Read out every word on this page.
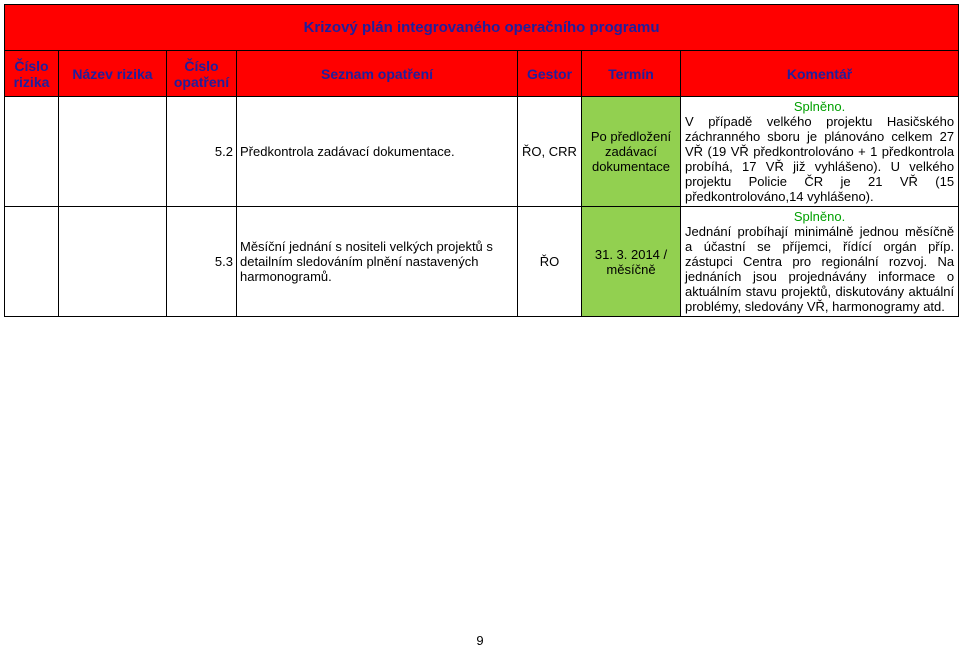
Krizový plán integrovaného operačního programu						
Číslo rizika	Název rizika	Číslo opatření	Seznam opatření	Gestor	Termín	Komentář
		5.2	Předkontrola zadávací dokumentace.	ŘO, CRR	Po předložení zadávací dokumentace	Splněno.
V případě velkého projektu Hasičského záchranného sboru je plánováno celkem 27 VŘ (19 VŘ předkontrolováno + 1 předkontrola probíhá, 17 VŘ již vyhlášeno). U velkého projektu Policie ČR je 21 VŘ (15 předkontrolováno,14 vyhlášeno).
		5.3	Měsíční jednání s nositeli velkých projektů s detailním sledováním plnění nastavených harmonogramů.	ŘO	31. 3. 2014 / měsíčně	Splněno.
Jednání probíhají minimálně jednou měsíčně a účastní se příjemci, řídící orgán příp. zástupci Centra pro regionální rozvoj. Na jednáních jsou projednávány informace o aktuálním stavu projektů, diskutovány aktuální problémy, sledovány VŘ, harmonogramy atd.
9
